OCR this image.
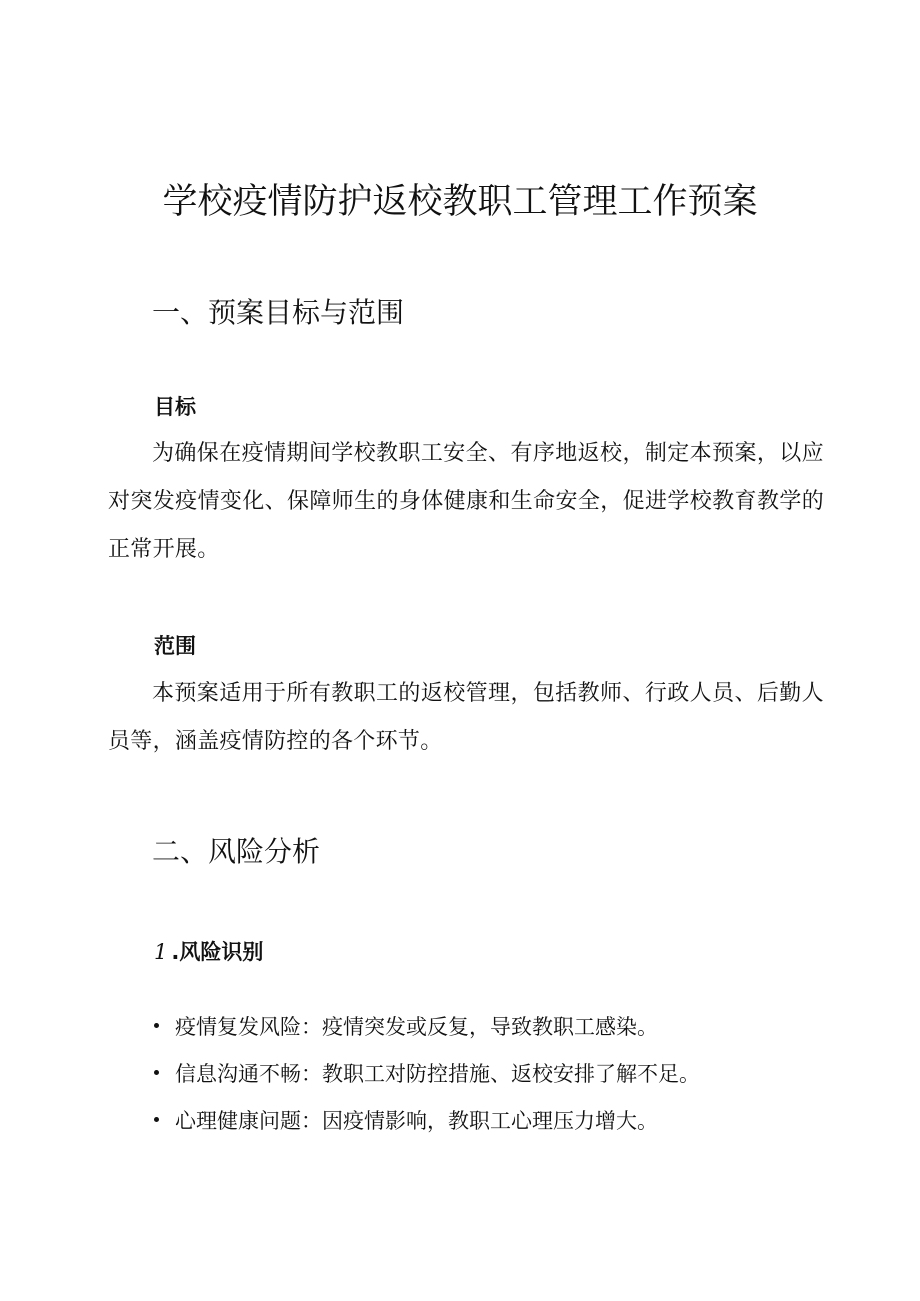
学校疫情防护返校教职工管理工作预案
一、预案目标与范围
目标

为确保在疫情期间学校教职工安全、有序地返校，制定本预案，以应对突发疫情变化、保障师生的身体健康和生命安全，促进学校教育教学的正常开展。

范围

本预案适用于所有教职工的返校管理，包括教师、行政人员、后勤人员等，涵盖疫情防控的各个环节。

二、风险分析
1 .风险识别
疫情复发风险：疫情突发或反复，导致教职工感染。
信息沟通不畅：教职工对防控措施、返校安排了解不足。
心理健康问题：因疫情影响，教职工心理压力增大。
